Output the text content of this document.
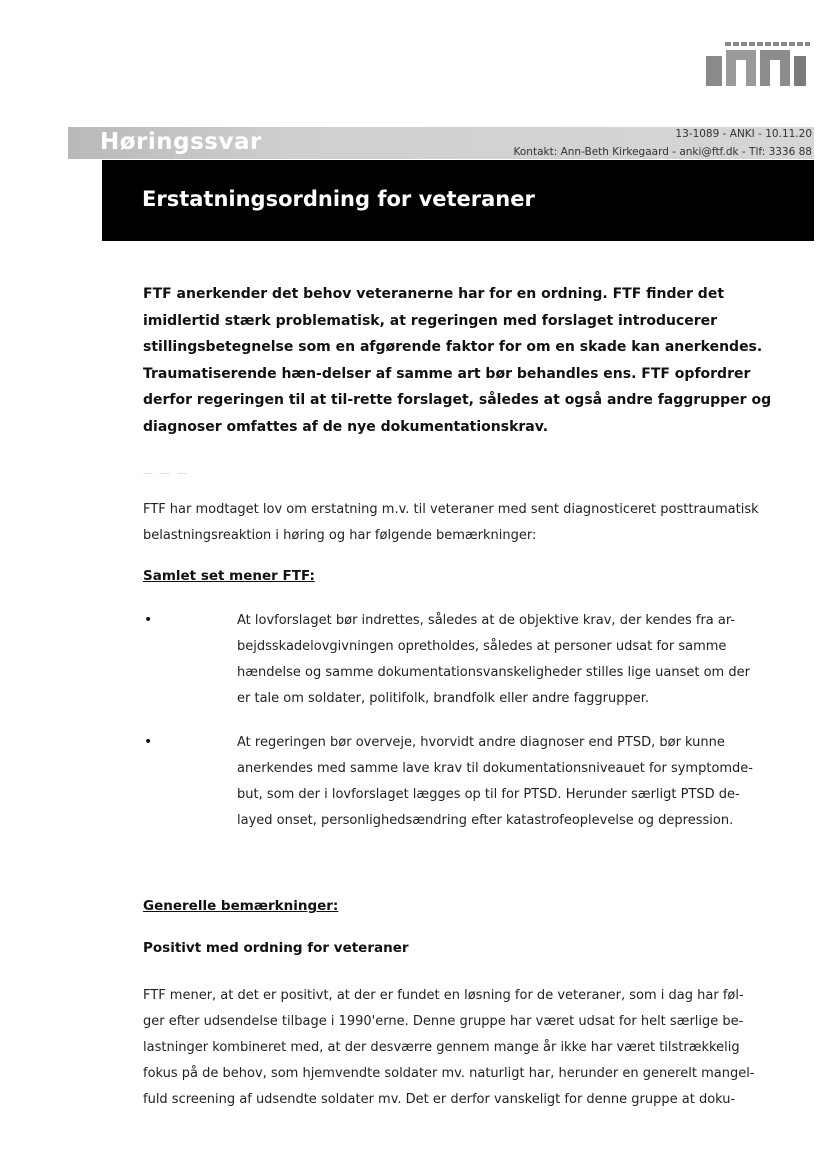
Høringssvar	13-1089 - ANKI - 10.11.20
Kontakt: Ann-Beth Kirkegaard - anki@ftf.dk - Tlf: 3336 88
Erstatningsordning for veteraner
FTF anerkender det behov veteranerne har for en ordning. FTF finder det imidlertid stærk problematisk, at regeringen med forslaget introducerer stillingsbetegnelse som en afgørende faktor for om en skade kan anerkendes. Traumatiserende hæn-delser af samme art bør behandles ens. FTF opfordrer derfor regeringen til at til-rette forslaget, således at også andre faggrupper og diagnoser omfattes af de nye dokumentationskrav.
— — —
FTF har modtaget lov om erstatning m.v. til veteraner med sent diagnosticeret posttraumatisk belastningsreaktion i høring og har følgende bemærkninger:
Samlet set mener FTF:
•	At lovforslaget bør indrettes, således at de objektive krav, der kendes fra ar-bejdsskadelovgivningen opretholdes, således at personer udsat for samme hændelse og samme dokumentationsvanskeligheder stilles lige uanset om der er tale om soldater, politifolk, brandfolk eller andre faggrupper.
•	At regeringen bør overveje, hvorvidt andre diagnoser end PTSD, bør kunne anerkendes med samme lave krav til dokumentationsniveauet for symptomde-but, som der i lovforslaget lægges op til for PTSD. Herunder særligt PTSD de-layed onset, personlighedsændring efter katastrofeoplevelse og depression.
Generelle bemærkninger:
Positivt med ordning for veteraner
FTF mener, at det er positivt, at der er fundet en løsning for de veteraner, som i dag har føl-ger efter udsendelse tilbage i 1990'erne. Denne gruppe har været udsat for helt særlige be-lastninger kombineret med, at der desværre gennem mange år ikke har været tilstrækkelig fokus på de behov, som hjemvendte soldater mv. naturligt har, herunder en generelt mangel-fuld screening af udsendte soldater mv. Det er derfor vanskeligt for denne gruppe at doku-
